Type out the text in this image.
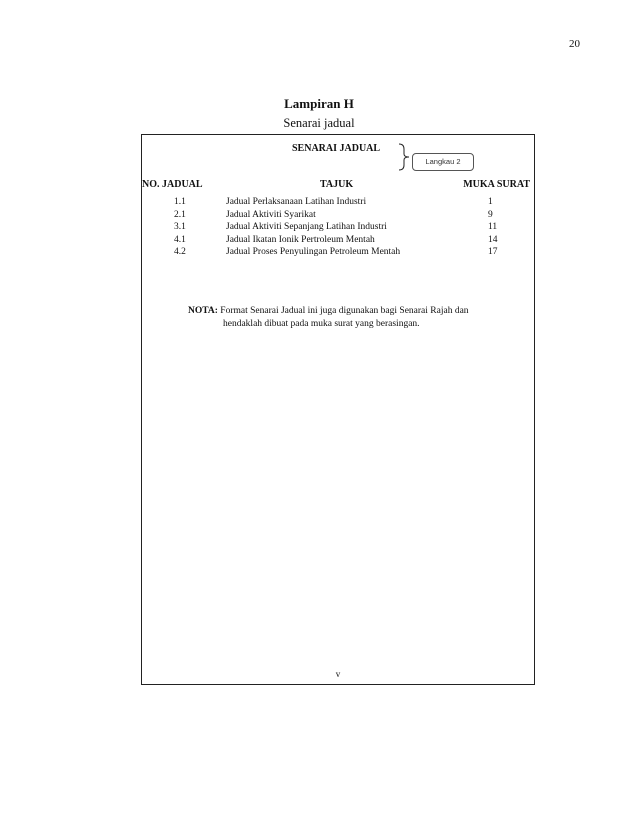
20
Lampiran H
Senarai jadual
SENARAI JADUAL
Langkau 2
NO. JADUAL	TAJUK	MUKA SURAT
1.1	Jadual Perlaksanaan Latihan Industri	1
2.1	Jadual Aktiviti Syarikat	9
3.1	Jadual Aktiviti Sepanjang Latihan Industri	11
4.1	Jadual Ikatan Ionik Pertroleum Mentah	14
4.2	Jadual Proses Penyulingan Petroleum Mentah	17
NOTA: Format Senarai Jadual ini juga digunakan bagi Senarai Rajah dan
hendaklah dibuat pada muka surat yang berasingan.
v
